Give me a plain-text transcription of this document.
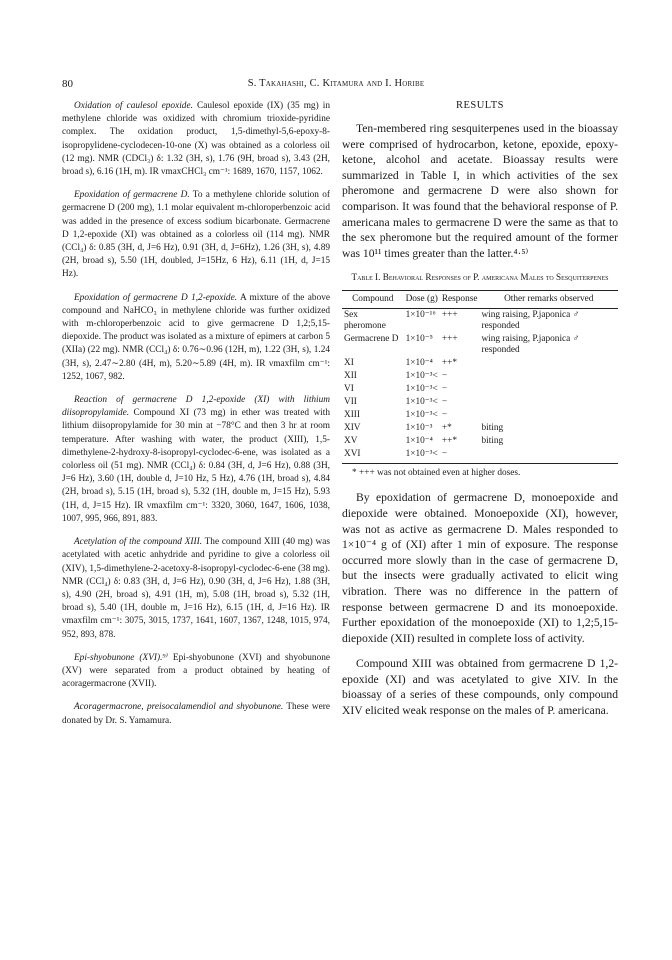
80	S. Takahashi, C. Kitamura and I. Horibe

Oxidation of caulesol epoxide. Caulesol epoxide (IX) (35 mg) in methylene chloride was oxidized with chromium trioxide-pyridine complex. The oxidation product, 1,5-dimethyl-5,6-epoxy-8-isopropylidene-cyclodecen-10-one (X) was obtained as a colorless oil (12 mg). NMR (CDCl₃) δ: 1.32 (3H, s), 1.76 (9H, broad s), 3.43 (2H, broad s), 6.16 (1H, m). IR νmaxCHCl₃ cm⁻¹: 1689, 1670, 1157, 1062.

Epoxidation of germacrene D. To a methylene chloride solution of germacrene D (200 mg), 1.1 molar equivalent m-chloroperbenzoic acid was added in the presence of excess sodium bicarbonate. Germacrene D 1,2-epoxide (XI) was obtained as a colorless oil (114 mg). NMR (CCl₄) δ: 0.85 (3H, d, J=6 Hz), 0.91 (3H, d, J=6Hz), 1.26 (3H, s), 4.89 (2H, broad s), 5.50 (1H, doubled, J=15Hz, 6 Hz), 6.11 (1H, d, J=15 Hz).

Epoxidation of germacrene D 1,2-epoxide. A mixture of the above compound and NaHCO₃ in methylene chloride was further oxidized with m-chloroperbenzoic acid to give germacrene D 1,2;5,15-diepoxide. The product was isolated as a mixture of epimers at carbon 5 (XIIa) (22 mg). NMR (CCl₄) δ: 0.76∼0.96 (12H, m), 1.22 (3H, s), 1.24 (3H, s), 2.47∼2.80 (4H, m), 5.20∼5.89 (4H, m). IR νmaxfilm cm⁻¹: 1252, 1067, 982.

Reaction of germacrene D 1,2-epoxide (XI) with lithium diisopropylamide. Compound XI (73 mg) in ether was treated with lithium diisopropylamide for 30 min at −78°C and then 3 hr at room temperature. After washing with water, the product (XIII), 1,5-dimethylene-2-hydroxy-8-isopropyl-cyclodec-6-ene, was isolated as a colorless oil (51 mg). NMR (CCl₄) δ: 0.84 (3H, d, J=6 Hz), 0.88 (3H, J=6 Hz), 3.60 (1H, double d, J=10 Hz, 5 Hz), 4.76 (1H, broad s), 4.84 (2H, broad s), 5.15 (1H, broad s), 5.32 (1H, double m, J=15 Hz), 5.93 (1H, d, J=15 Hz). IR νmaxfilm cm⁻¹: 3320, 3060, 1647, 1606, 1038, 1007, 995, 966, 891, 883.

Acetylation of the compound XIII. The compound XIII (40 mg) was acetylated with acetic anhydride and pyridine to give a colorless oil (XIV), 1,5-dimethylene-2-acetoxy-8-isopropyl-cyclodec-6-ene (38 mg). NMR (CCl₄) δ: 0.83 (3H, d, J=6 Hz), 0.90 (3H, d, J=6 Hz), 1.88 (3H, s), 4.90 (2H, broad s), 4.91 (1H, m), 5.08 (1H, broad s), 5.32 (1H, broad s), 5.40 (1H, double m, J=16 Hz), 6.15 (1H, d, J=16 Hz). IR νmaxfilm cm⁻¹: 3075, 3015, 1737, 1641, 1607, 1367, 1248, 1015, 974, 952, 893, 878.

Epi-shyobunone (XVI).⁹⁾ Epi-shyobunone (XVI) and shyobunone (XV) were separated from a product obtained by heating of acoragermacrone (XVII).

Acoragermacrone, preisocalamendiol and shyobunone. These were donated by Dr. S. Yamamura.

RESULTS

Ten-membered ring sesquiterpenes used in the bioassay were comprised of hydrocarbon, ketone, epoxide, epoxy-ketone, alcohol and acetate. Bioassay results were summarized in Table I, in which activities of the sex pheromone and germacrene D were also shown for comparison. It was found that the behavioral response of P. americana males to germacrene D were the same as that to the sex pheromone but the required amount of the former was 10¹¹ times greater than the latter.⁴·⁵⁾

Table I. Behavioral Responses of P. americana Males to Sesquiterpenes
Compound	Dose (g)	Response	Other remarks observed
Sex pheromone	1×10⁻¹⁶	+++	wing raising, P.japonica ♂ responded
Germacrene D	1×10⁻⁵	+++	wing raising, P.japonica ♂ responded
XI	1×10⁻⁴	++*	
XII	1×10⁻³<	−	
VI	1×10⁻³<	−	
VII	1×10⁻³<	−	
XIII	1×10⁻³<	−	
XIV	1×10⁻³	+*	biting
XV	1×10⁻⁴	++*	biting
XVI	1×10⁻³<	−	

* +++ was not obtained even at higher doses.

By epoxidation of germacrene D, monoepoxide and diepoxide were obtained. Monoepoxide (XI), however, was not as active as germacrene D. Males responded to 1×10⁻⁴ g of (XI) after 1 min of exposure. The response occurred more slowly than in the case of germacrene D, but the insects were gradually activated to elicit wing vibration. There was no difference in the pattern of response between germacrene D and its monoepoxide. Further epoxidation of the monoepoxide (XI) to 1,2;5,15-diepoxide (XII) resulted in complete loss of activity.

Compound XIII was obtained from germacrene D 1,2-epoxide (XI) and was acetylated to give XIV. In the bioassay of a series of these compounds, only compound XIV elicited weak response on the males of P. americana.
